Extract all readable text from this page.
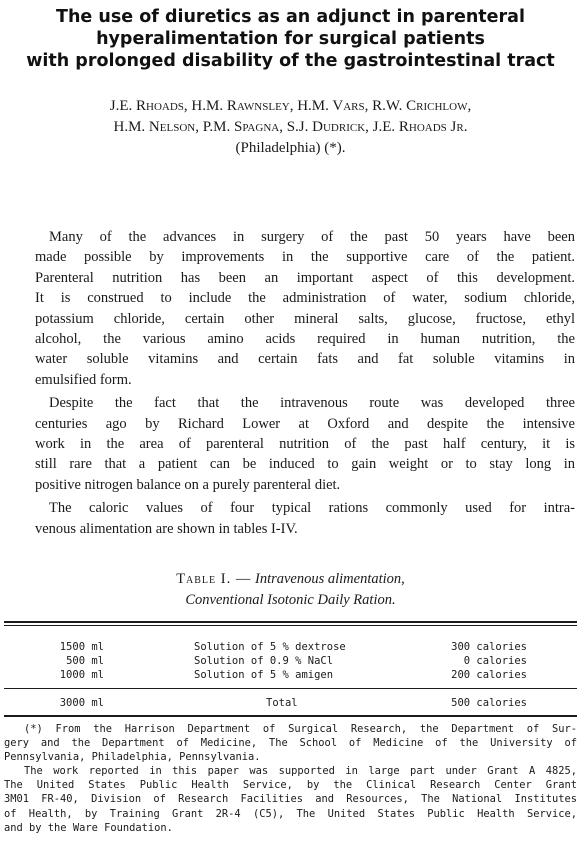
The use of diuretics as an adjunct in parenteral
hyperalimentation for surgical patients
with prolonged disability of the gastrointestinal tract
J.E. Rhoads, H.M. Rawnsley, H.M. Vars, R.W. Crichlow,
H.M. Nelson, P.M. Spagna, S.J. Dudrick, J.E. Rhoads Jr.
(Philadelphia) (*).

Many of the advances in surgery of the past 50 years have been
made possible by improvements in the supportive care of the patient.
Parenteral nutrition has been an important aspect of this development.
It is construed to include the administration of water, sodium chloride,
potassium chloride, certain other mineral salts, glucose, fructose, ethyl
alcohol, the various amino acids required in human nutrition, the
water soluble vitamins and certain fats and fat soluble vitamins in
emulsified form.

Despite the fact that the intravenous route was developed three
centuries ago by Richard Lower at Oxford and despite the intensive
work in the area of parenteral nutrition of the past half century, it is
still rare that a patient can be induced to gain weight or to stay long in
positive nitrogen balance on a purely parenteral diet.

The caloric values of four typical rations commonly used for intra-
venous alimentation are shown in tables I-IV.

Table I. — Intravenous alimentation,
Conventional Isotonic Daily Ration.
1500 ml	Solution of 5 % dextrose	300 calories
500 ml	Solution of 0.9 % NaCl	0 calories
1000 ml	Solution of 5 % amigen	200 calories
3000 ml	Total	500 calories
(*) From the Harrison Department of Surgical Research, the Department of Sur-
gery and the Department of Medicine, The School of Medicine of the University of
Pennsylvania, Philadelphia, Pennsylvania.
The work reported in this paper was supported in large part under Grant A 4825,
The United States Public Health Service, by the Clinical Research Center Grant
3M01 FR-40, Division of Research Facilities and Resources, The National Institutes
of Health, by Training Grant 2R-4 (C5), The United States Public Health Service,
and by the Ware Foundation.
